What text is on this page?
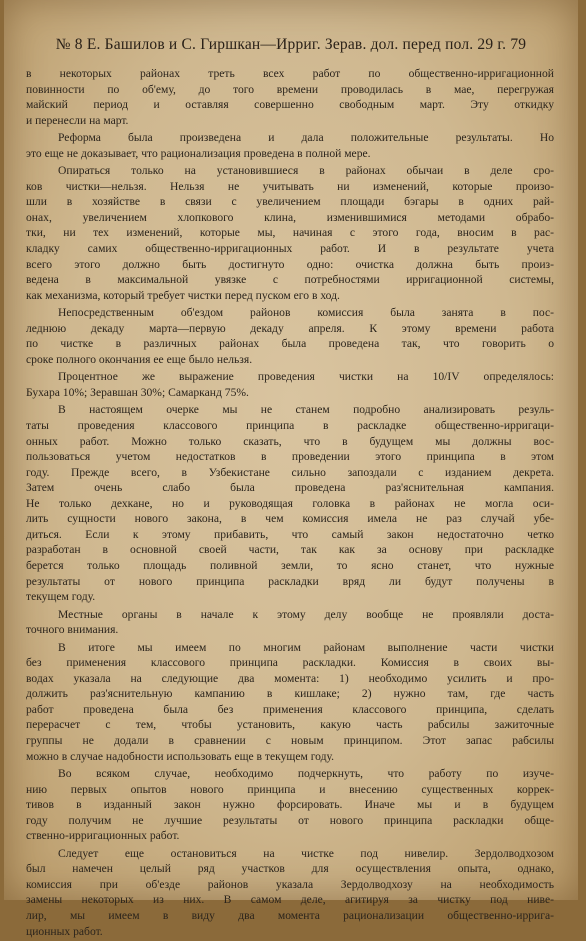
№ 8 Е. Башилов и С. Гиршкан—Ирриг. Зерав. дол. перед пол. 29 г. 79
в некоторых районах треть всех работ по общественно-ирригационной
повинности по об'ему, до того времени проводилась в мае, перегружая
майский период и оставляя совершенно свободным март. Эту откидку
и перенесли на март.
Реформа была произведена и дала положительные результаты. Но
это еще не доказывает, что рационализация проведена в полной мере.
Опираться только на установившиеся в районах обычаи в деле сро-
ков чистки—нельзя. Нельзя не учитывать ни изменений, которые произо-
шли в хозяйстве в связи с увеличением площади бэгары в одних рай-
онах, увеличением хлопкового клина, изменившимися методами обрабо-
тки, ни тех изменений, которые мы, начиная с этого года, вносим в рас-
кладку самих общественно-ирригационных работ. И в результате учета
всего этого должно быть достигнуто одно: очистка должна быть произ-
ведена в максимальной увязке с потребностями ирригационной системы,
как механизма, который требует чистки перед пуском его в ход.
Непосредственным об'ездом районов комиссия была занята в пос-
леднюю декаду марта—первую декаду апреля. К этому времени работа
по чистке в различных районах была проведена так, что говорить о
сроке полного окончания ее еще было нельзя.
Процентное же выражение проведения чистки на 10/IV определялось:
Бухара 10%; Зеравшан 30%; Самарканд 75%.
В настоящем очерке мы не станем подробно анализировать резуль-
таты проведения классового принципа в раскладке общественно-ирригаци-
онных работ. Можно только сказать, что в будущем мы должны вос-
пользоваться учетом недостатков в проведении этого принципа в этом
году. Прежде всего, в Узбекистане сильно запоздали с изданием декрета.
Затем очень слабо была проведена раз'яснительная кампания.
Не только дехкане, но и руководящая головка в районах не могла оси-
лить сущности нового закона, в чем комиссия имела не раз случай убе-
диться. Если к этому прибавить, что самый закон недостаточно четко
разработан в основной своей части, так как за основу при раскладке
берется только площадь поливной земли, то ясно станет, что нужные
результаты от нового принципа раскладки вряд ли будут получены в
текущем году.
Местные органы в начале к этому делу вообще не проявляли доста-
точного внимания.
В итоге мы имеем по многим районам выполнение части чистки
без применения классового принципа раскладки. Комиссия в своих вы-
водах указала на следующие два момента: 1) необходимо усилить и про-
должить раз'яснительную кампанию в кишлаке; 2) нужно там, где часть
работ проведена была без применения классового принципа, сделать
перерасчет с тем, чтобы установить, какую часть рабсилы зажиточные
группы не додали в сравнении с новым принципом. Этот запас рабсилы
можно в случае надобности использовать еще в текущем году.
Во всяком случае, необходимо подчеркнуть, что работу по изуче-
нию первых опытов нового принципа и внесению существенных коррек-
тивов в изданный закон нужно форсировать. Иначе мы и в будущем
году получим не лучшие результаты от нового принципа раскладки обще-
ственно-ирригационных работ.
Следует еще остановиться на чистке под нивелир. Зердолводхозом
был намечен целый ряд участков для осуществления опыта, однако,
комиссия при об'езде районов указала Зердолводхозу на необходимость
замены некоторых из них. В самом деле, агитируя за чистку под нивe-
лир, мы имеем в виду два момента рационализации общественно-ирригa-
ционных работ.
